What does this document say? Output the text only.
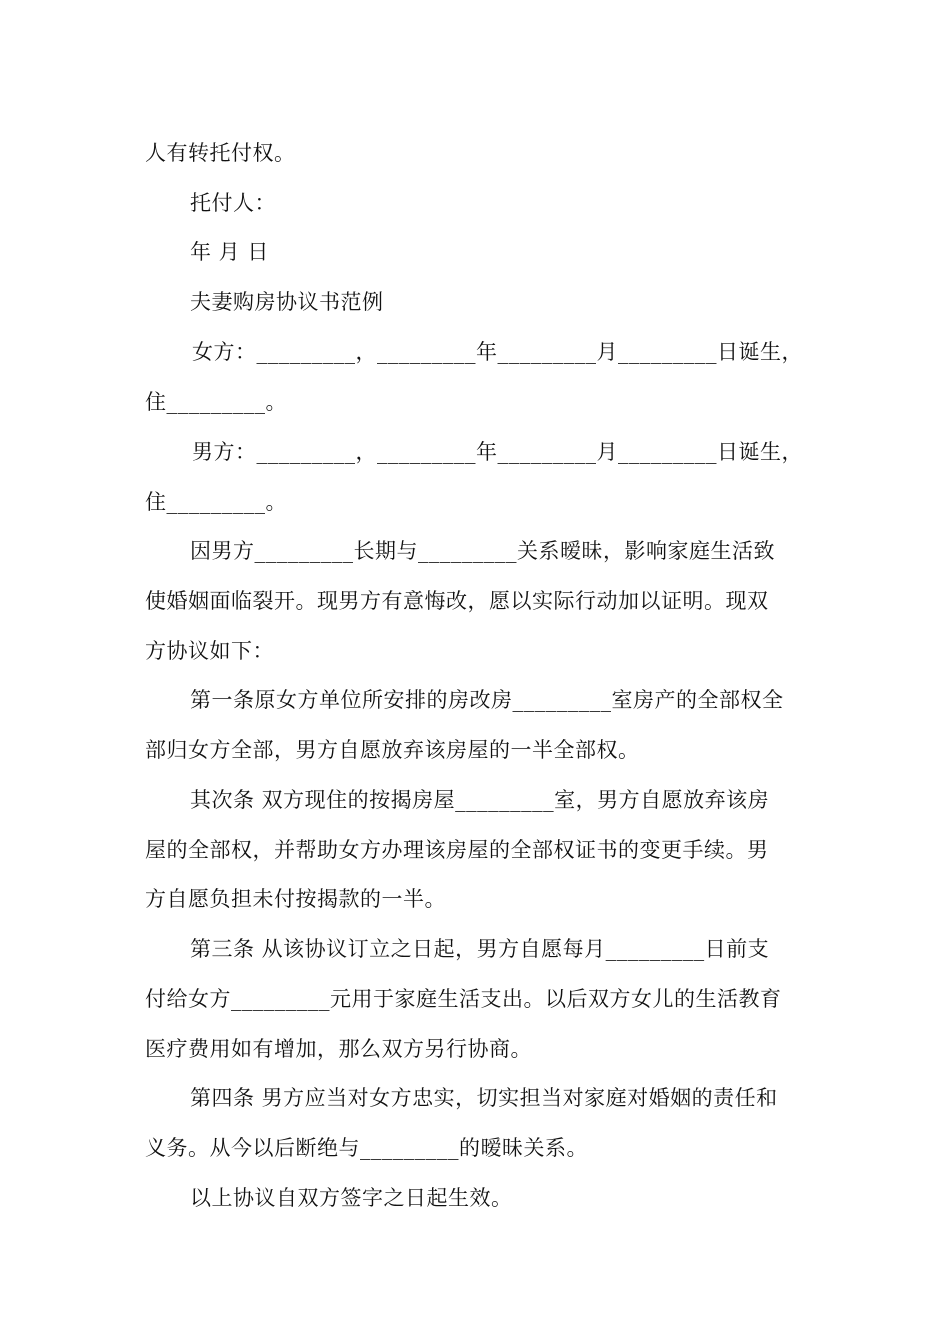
人有转托付权。
托付人：
年 月 日
夫妻购房协议书范例
女方：_________，_________年_________月_________日诞生，
住_________。
男方：_________，_________年_________月_________日诞生，
住_________。
因男方_________长期与_________关系暧昧，影响家庭生活致
使婚姻面临裂开。现男方有意悔改，愿以实际行动加以证明。现双
方协议如下：
第一条原女方单位所安排的房改房_________室房产的全部权全
部归女方全部，男方自愿放弃该房屋的一半全部权。
其次条 双方现住的按揭房屋_________室，男方自愿放弃该房
屋的全部权，并帮助女方办理该房屋的全部权证书的变更手续。男
方自愿负担未付按揭款的一半。
第三条 从该协议订立之日起，男方自愿每月_________日前支
付给女方_________元用于家庭生活支出。以后双方女儿的生活教育
医疗费用如有增加，那么双方另行协商。
第四条 男方应当对女方忠实，切实担当对家庭对婚姻的责任和
义务。从今以后断绝与_________的暧昧关系。
以上协议自双方签字之日起生效。
